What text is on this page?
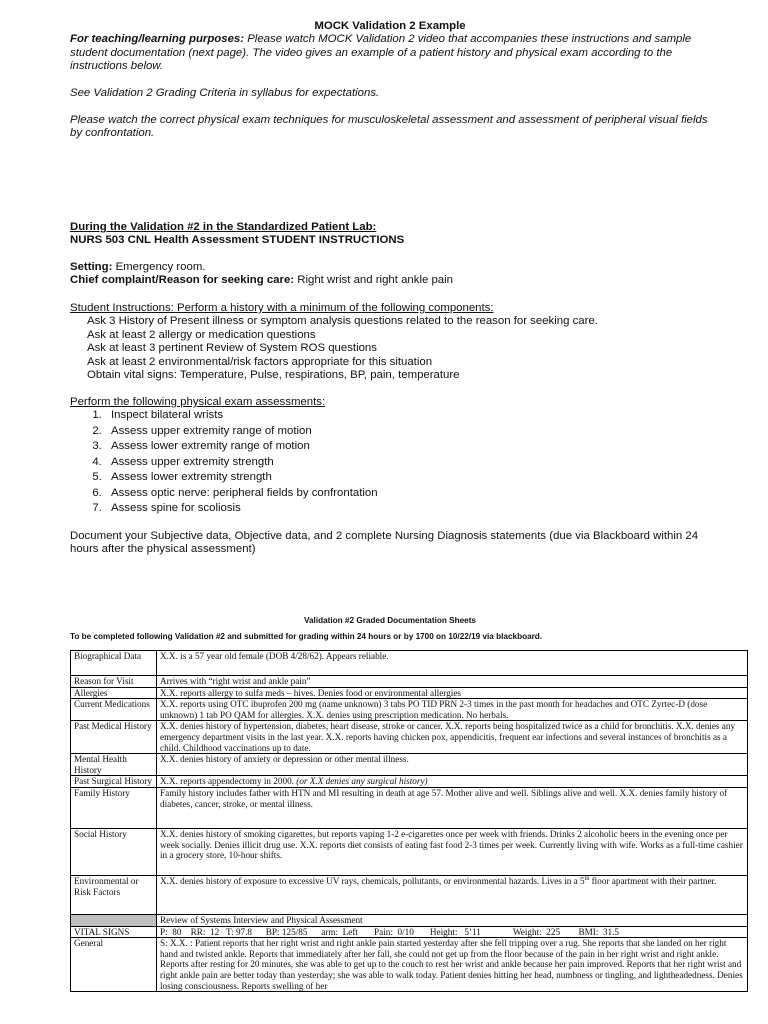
MOCK Validation 2 Example

For teaching/learning purposes: Please watch MOCK Validation 2 video that accompanies these instructions and sample student documentation (next page). The video gives an example of a patient history and physical exam according to the instructions below.

See Validation 2 Grading Criteria in syllabus for expectations.

Please watch the correct physical exam techniques for musculoskeletal assessment and assessment of peripheral visual fields by confrontation.

During the Validation #2 in the Standardized Patient Lab:

NURS 503 CNL Health Assessment STUDENT INSTRUCTIONS

Setting: Emergency room.

Chief complaint/Reason for seeking care: Right wrist and right ankle pain

Student Instructions: Perform a history with a minimum of the following components:

Ask 3 History of Present illness or symptom analysis questions related to the reason for seeking care.

Ask at least 2 allergy or medication questions

Ask at least 3 pertinent Review of System ROS questions

Ask at least 2 environmental/risk factors appropriate for this situation

Obtain vital signs: Temperature, Pulse, respirations, BP, pain, temperature

Perform the following physical exam assessments:

1. Inspect bilateral wrists
2. Assess upper extremity range of motion
3. Assess lower extremity range of motion
4. Assess upper extremity strength
5. Assess lower extremity strength
6. Assess optic nerve: peripheral fields by confrontation
7. Assess spine for scoliosis
Document your Subjective data, Objective data, and 2 complete Nursing Diagnosis statements (due via Blackboard within 24 hours after the physical assessment)
Validation #2 Graded Documentation Sheets
To be completed following Validation #2 and submitted for grading within 24 hours or by 1700 on 10/22/19 via blackboard.
Biographical Data	X.X. is a 57 year old female (DOB 4/28/62). Appears reliable.
Reason for Visit	Arrives with “right wrist and ankle pain”
Allergies	X.X. reports allergy to sulfa meds – hives. Denies food or environmental allergies
Current Medications	X.X. reports using OTC ibuprofen 200 mg (name unknown) 3 tabs PO TID PRN 2-3 times in the past month for headaches and OTC Zyrtec-D (dose unknown) 1 tab PO QAM for allergies. X.X. denies using prescription medication. No herbals.
Past Medical History	X.X. denies history of hypertension, diabetes, heart disease, stroke or cancer. X.X. reports being hospitalized twice as a child for bronchitis. X.X. denies any emergency department visits in the last year. X.X. reports having chicken pox, appendicitis, frequent ear infections and several instances of bronchitis as a child. Childhood vaccinations up to date.
Mental Health History	X.X. denies history of anxiety or depression or other mental illness.
Past Surgical History	X.X. reports appendectomy in 2000. (or X.X denies any surgical history)
Family History	Family history includes father with HTN and MI resulting in death at age 57. Mother alive and well. Siblings alive and well. X.X. denies family history of diabetes, cancer, stroke, or mental illness.
Social History	X.X. denies history of smoking cigarettes, but reports vaping 1-2 e-cigarettes once per week with friends. Drinks 2 alcoholic beers in the evening once per week socially. Denies illicit drug use. X.X. reports diet consists of eating fast food 2-3 times per week. Currently living with wife. Works as a full-time cashier in a grocery store, 10-hour shifts.
Environmental or Risk Factors	X.X. denies history of exposure to excessive UV rays, chemicals, pollutants, or environmental hazards. Lives in a 5th floor apartment with their partner.
	Review of Systems Interview and Physical Assessment
VITAL SIGNS	P:  80    RR:  12   T: 97.8      BP: 125/85      arm:  Left       Pain:  0/10       Height:   5’11              Weight:  225        BMI:  31.5
General	S: X.X. : Patient reports that her right wrist and right ankle pain started yesterday after she fell tripping over a rug. She reports that she landed on her right hand and twisted ankle. Reports that immediately after her fall, she could not get up from the floor because of the pain in her right wrist and right ankle. Reports after resting for 20 minutes, she was able to get up to the couch to rest her wrist and ankle because her pain improved. Reports that her right wrist and right ankle pain are better today than yesterday; she was able to walk today. Patient denies hitting her head, numbness or tingling, and lightheadedness. Denies losing consciousness. Reports swelling of her
